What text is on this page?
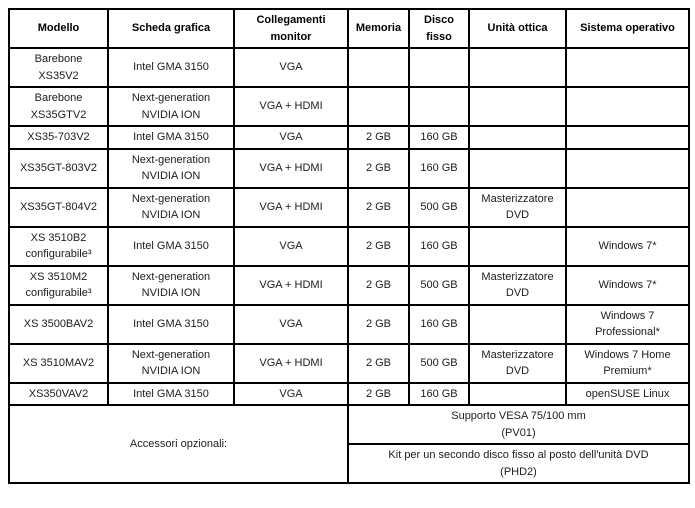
Modello	Scheda grafica	Collegamenti monitor	Memoria	Disco fisso	Unità ottica	Sistema operativo
Barebone XS35V2	Intel GMA 3150	VGA				
Barebone XS35GTV2	Next-generation NVIDIA ION	VGA + HDMI				
XS35-703V2	Intel GMA 3150	VGA	2 GB	160 GB		
XS35GT-803V2	Next-generation NVIDIA ION	VGA + HDMI	2 GB	160 GB		
XS35GT-804V2	Next-generation NVIDIA ION	VGA + HDMI	2 GB	500 GB	Masterizzatore DVD	
XS 3510B2 configurabile³	Intel GMA 3150	VGA	2 GB	160 GB		Windows 7*
XS 3510M2 configurabile³	Next-generation NVIDIA ION	VGA + HDMI	2 GB	500 GB	Masterizzatore DVD	Windows 7*
XS 3500BAV2	Intel GMA 3150	VGA	2 GB	160 GB		Windows 7 Professional*
XS 3510MAV2	Next-generation NVIDIA ION	VGA + HDMI	2 GB	500 GB	Masterizzatore DVD	Windows 7 Home Premium*
XS350VAV2	Intel GMA 3150	VGA	2 GB	160 GB		openSUSE Linux
Accessori opzionali:			Supporto VESA 75/100 mm
(PV01)			

			Kit per un secondo disco fisso al posto dell'unità DVD
(PHD2)			
